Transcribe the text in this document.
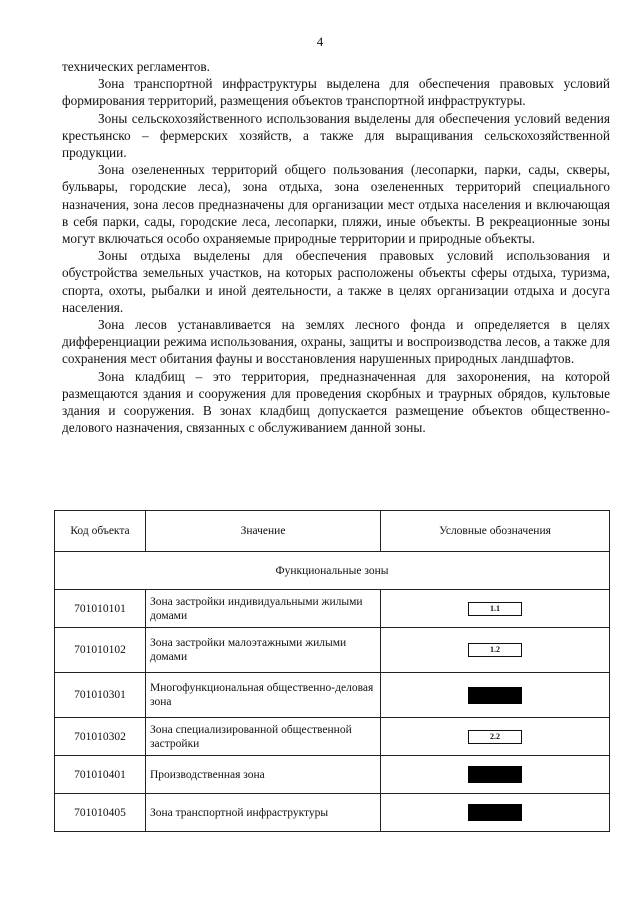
4

технических регламентов.

Зона транспортной инфраструктуры выделена для обеспечения правовых условий формирования территорий, размещения объектов транспортной инфраструктуры.

Зоны сельскохозяйственного использования выделены для обеспечения условий ведения крестьянско – фермерских хозяйств, а также для выращивания сельскохозяйственной продукции.

Зона озелененных территорий общего пользования (лесопарки, парки, сады, скверы, бульвары, городские леса), зона отдыха, зона озелененных территорий специального назначения, зона лесов предназначены для организации мест отдыха населения и включающая в себя парки, сады, городские леса, лесопарки, пляжи, иные объекты. В рекреационные зоны могут включаться особо охраняемые природные территории и природные объекты.

Зоны отдыха выделены для обеспечения правовых условий использования и обустройства земельных участков, на которых расположены объекты сферы отдыха, туризма, спорта, охоты, рыбалки и иной деятельности, а также в целях организации отдыха и досуга населения.

Зона лесов устанавливается на землях лесного фонда и определяется в целях дифференциации режима использования, охраны, защиты и воспроизводства лесов, а также для сохранения мест обитания фауны и восстановления нарушенных природных ландшафтов.

Зона кладбищ – это территория, предназначенная для захоронения, на которой размещаются здания и сооружения для проведения скорбных и траурных обрядов, культовые здания и сооружения. В зонах кладбищ допускается размещение объектов общественно-делового назначения, связанных с обслуживанием данной зоны.

Код объекта	Значение	Условные обозначения
Функциональные зоны		
701010101	Зона застройки индивидуальными жилыми домами	1.1
701010102	Зона застройки малоэтажными жилыми домами	1.2
701010301	Многофункциональная общественно-деловая зона	
701010302	Зона специализированной общественной застройки	2.2
701010401	Производственная зона	
701010405	Зона транспортной инфраструктуры	
